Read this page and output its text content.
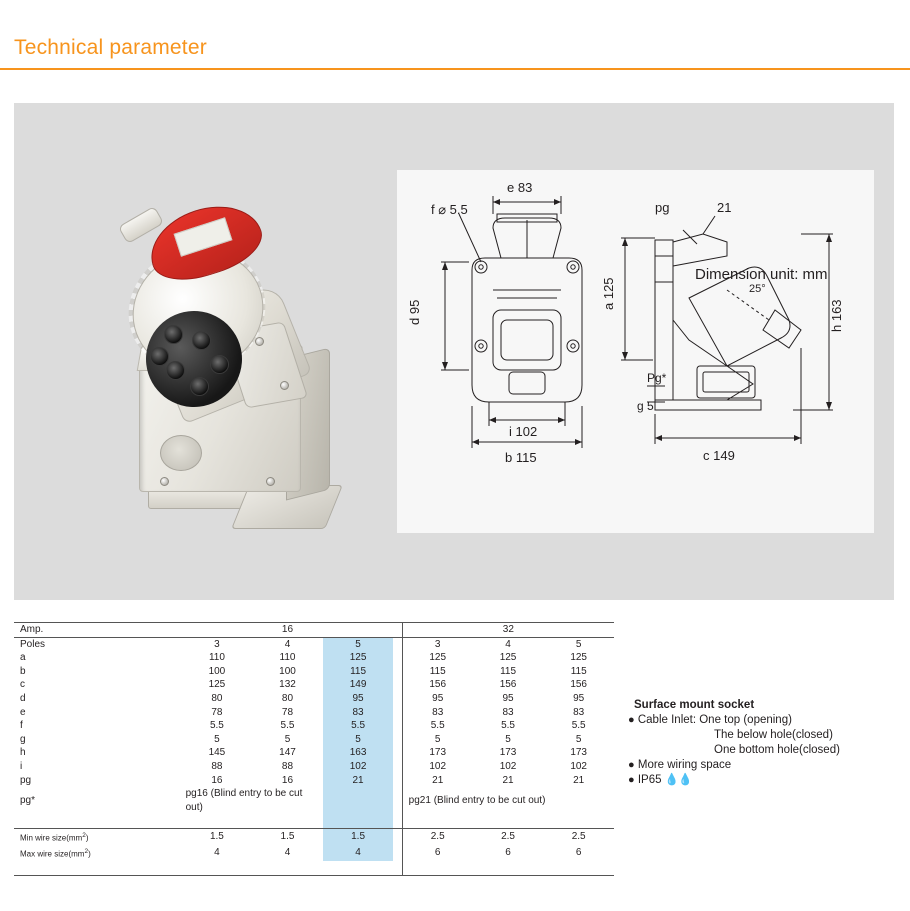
Technical parameter
Dimension unit: mm
e 83
f ⌀ 5.5
d 95
i 102
b 115
pg	21
a 125
h 163
25°
Pg*
g 5
c 149
Amp.	16				32		
Poles	3	4	5		3	4	5
a	110	110	125		125	125	125
b	100	100	115		115	115	115
c	125	132	149		156	156	156
d	80	80	95		95	95	95
e	78	78	83		83	83	83
f	5.5	5.5	5.5		5.5	5.5	5.5
g	5	5	5		5	5	5
h	145	147	163		173	173	173
i	88	88	102		102	102	102
pg	16	16	21		21	21	21
pg*	pg16 (Blind entry to be cut out)				pg21 (Blind entry to be cut out)		

Min wire $size(mm^2)$	1.5	1.5	1.5		2.5	2.5	2.5
Max wire $size(mm^2)$	4	4	4		6	6	6

Surface mount socket
● Cable Inlet: One top (opening)
The below hole(closed)
One bottom hole(closed)
● More wiring space
● IP65 💧💧
